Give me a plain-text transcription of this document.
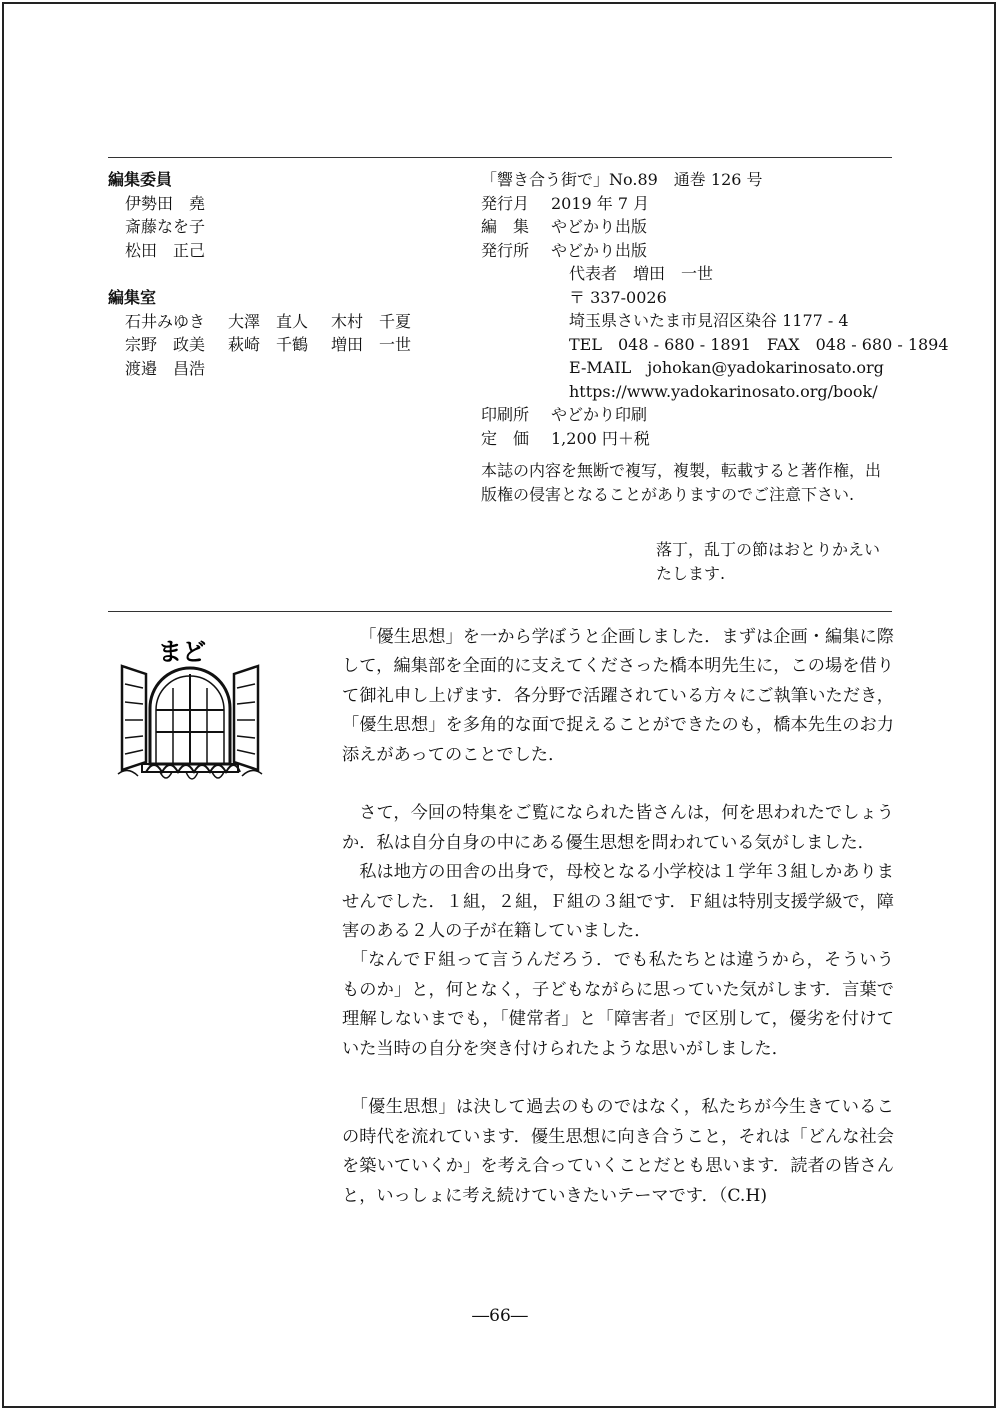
編集委員
伊勢田　堯
斎藤なを子
松田　正己
編集室
石井みゆき	大澤　直人	木村　千夏
宗野　政美	萩崎　千鶴	増田　一世
渡邉　昌浩
「響き合う街で」No.89　通巻 126 号
発行月 2019 年 7 月
編　集 やどかり出版
発行所 やどかり出版
代表者　増田　一世
〒 337-0026
埼玉県さいたま市見沼区染谷 1177 - 4
TEL　048 - 680 - 1891　FAX　048 - 680 - 1894
E-MAIL　johokan@yadokarinosato.org
https://www.yadokarinosato.org/book/
印刷所 やどかり印刷
定　価 1,200 円＋税
本誌の内容を無断で複写，複製，転載すると著作権，出版権の侵害となることがありますのでご注意下さい.
落丁，乱丁の節はおとりかえいたします.
まど	「優生思想」を一から学ぼうと企画しました．まずは企画・編集に際して，編集部を全面的に支えてくださった橋本明先生に，この場を借りて御礼申し上げます．各分野で活躍されている方々にご執筆いただき，「優生思想」を多角的な面で捉えることができたのも，橋本先生のお力添えがあってのことでした．

さて，今回の特集をご覧になられた皆さんは，何を思われたでしょうか．私は自分自身の中にある優生思想を問われている気がしました．

私は地方の田舎の出身で，母校となる小学校は１学年３組しかありませんでした．１組，２組，Ｆ組の３組です．Ｆ組は特別支援学級で，障害のある２人の子が在籍していました．

「なんでＦ組って言うんだろう．でも私たちとは違うから，そういうものか」と，何となく，子どもながらに思っていた気がします．言葉で理解しないまでも，「健常者」と「障害者」で区別して，優劣を付けていた当時の自分を突き付けられたような思いがしました．

「優生思想」は決して過去のものではなく，私たちが今生きているこの時代を流れています．優生思想に向き合うこと，それは「どんな社会を築いていくか」を考え合っていくことだとも思います．読者の皆さんと，いっしょに考え続けていきたいテーマです．（C.H)

―66―
